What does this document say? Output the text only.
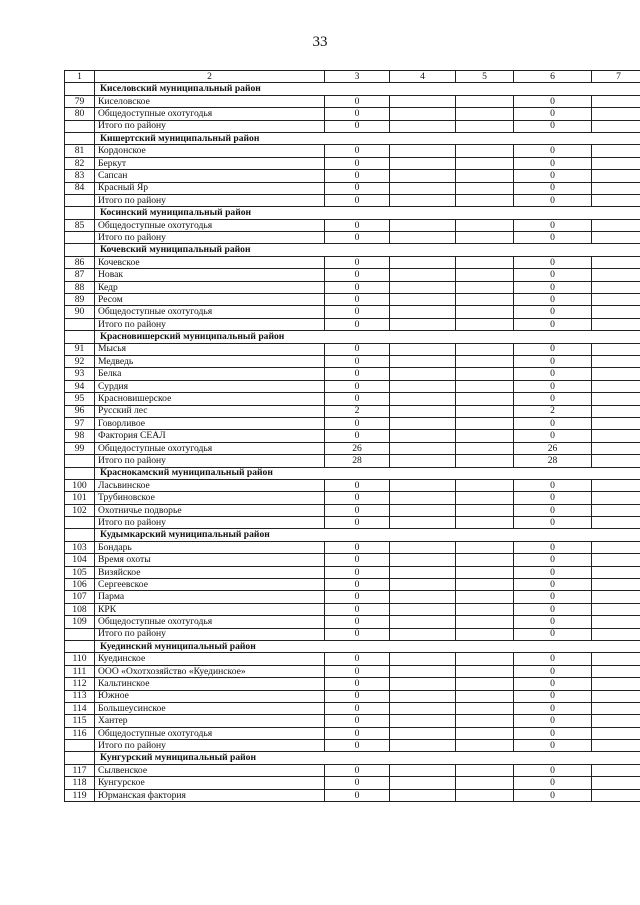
33
1	2	3	4	5	6	7
	Киселовский муниципальный район					
79	Киселовское	0			0	
80	Общедоступные охотугодья	0			0	
	Итого по району	0			0	
	Кишертский муниципальный район					
81	Кордонское	0			0	
82	Беркут	0			0	
83	Сапсан	0			0	
84	Красный Яр	0			0	
	Итого по району	0			0	
	Косинский муниципальный район					
85	Общедоступные охотугодья	0			0	
	Итого по району	0			0	
	Кочевский муниципальный район					
86	Кочевское	0			0	
87	Новак	0			0	
88	Кедр	0			0	
89	Ресом	0			0	
90	Общедоступные охотугодья	0			0	
	Итого по району	0			0	
	Красновишерский муниципальный район					
91	Мысья	0			0	
92	Медведь	0			0	
93	Белка	0			0	
94	Сурдия	0			0	
95	Красновишерское	0			0	
96	Русский лес	2			2	
97	Говорливое	0			0	
98	Фактория СЕАЛ	0			0	
99	Общедоступные охотугодья	26			26	
	Итого по району	28			28	
	Краснокамский муниципальный район					
100	Ласьвинское	0			0	
101	Трубиновское	0			0	
102	Охотничье подворье	0			0	
	Итого по району	0			0	
	Кудымкарский муниципальный район					
103	Бондарь	0			0	
104	Время охоты	0			0	
105	Визяйское	0			0	
106	Сергеевское	0			0	
107	Парма	0			0	
108	КРК	0			0	
109	Общедоступные охотугодья	0			0	
	Итого по району	0			0	
	Куединский муниципальный район					
110	Куединское	0			0	
111	ООО «Охотхозяйство «Куединское»	0			0	
112	Кальтинское	0			0	
113	Южное	0			0	
114	Большеусинское	0			0	
115	Хантер	0			0	
116	Общедоступные охотугодья	0			0	
	Итого по району	0			0	
	Кунгурский муниципальный район					
117	Сылвенское	0			0	
118	Кунгурское	0			0	
119	Юрманская фактория	0			0	
